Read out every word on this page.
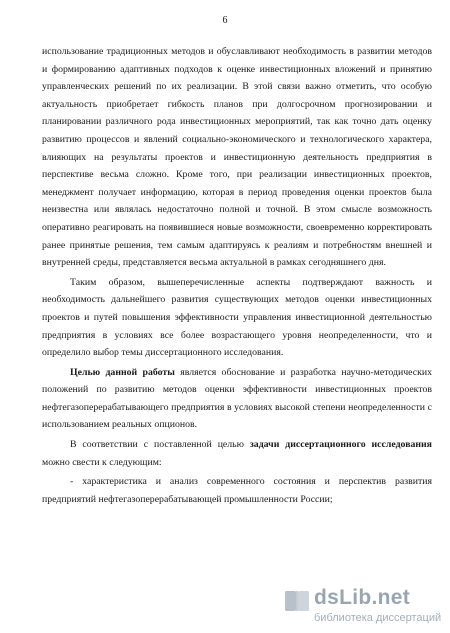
6

использование традиционных методов и обуславливают необходимость в развитии методов и формированию адаптивных подходов к оценке инвестиционных вложений и принятию управленческих решений по их реализации. В этой связи важно отметить, что особую актуальность приобретает гибкость планов при долгосрочном прогнозировании и планировании различного рода инвестиционных мероприятий, так как точно дать оценку развитию процессов и явлений социально-экономического и технологического характера, влияющих на результаты проектов и инвестиционную деятельность предприятия в перспективе весьма сложно. Кроме того, при реализации инвестиционных проектов, менеджмент получает информацию, которая в период проведения оценки проектов была неизвестна или являлась недостаточно полной и точной. В этом смысле возможность оперативно реагировать на появившиеся новые возможности, своевременно корректировать ранее принятые решения, тем самым адаптируясь к реалиям и потребностям внешней и внутренней среды, представляется весьма актуальной в рамках сегодняшнего дня.

Таким образом, вышеперечисленные аспекты подтверждают важность и необходимость дальнейшего развития существующих методов оценки инвестиционных проектов и путей повышения эффективности управления инвестиционной деятельностью предприятия в условиях все более возрастающего уровня неопределенности, что и определило выбор темы диссертационного исследования.

Целью данной работы является обоснование и разработка научно-методических положений по развитию методов оценки эффективности инвестиционных проектов нефтегазоперерабатывающего предприятия в условиях высокой степени неопределенности с использованием реальных опционов.

В соответствии с поставленной целью задачи диссертационного исследования можно свести к следующим:

- характеристика и анализ современного состояния и перспектив развития предприятий нефтегазоперерабатывающей промышленности России;

dsLib.net
библиотека диссертаций
